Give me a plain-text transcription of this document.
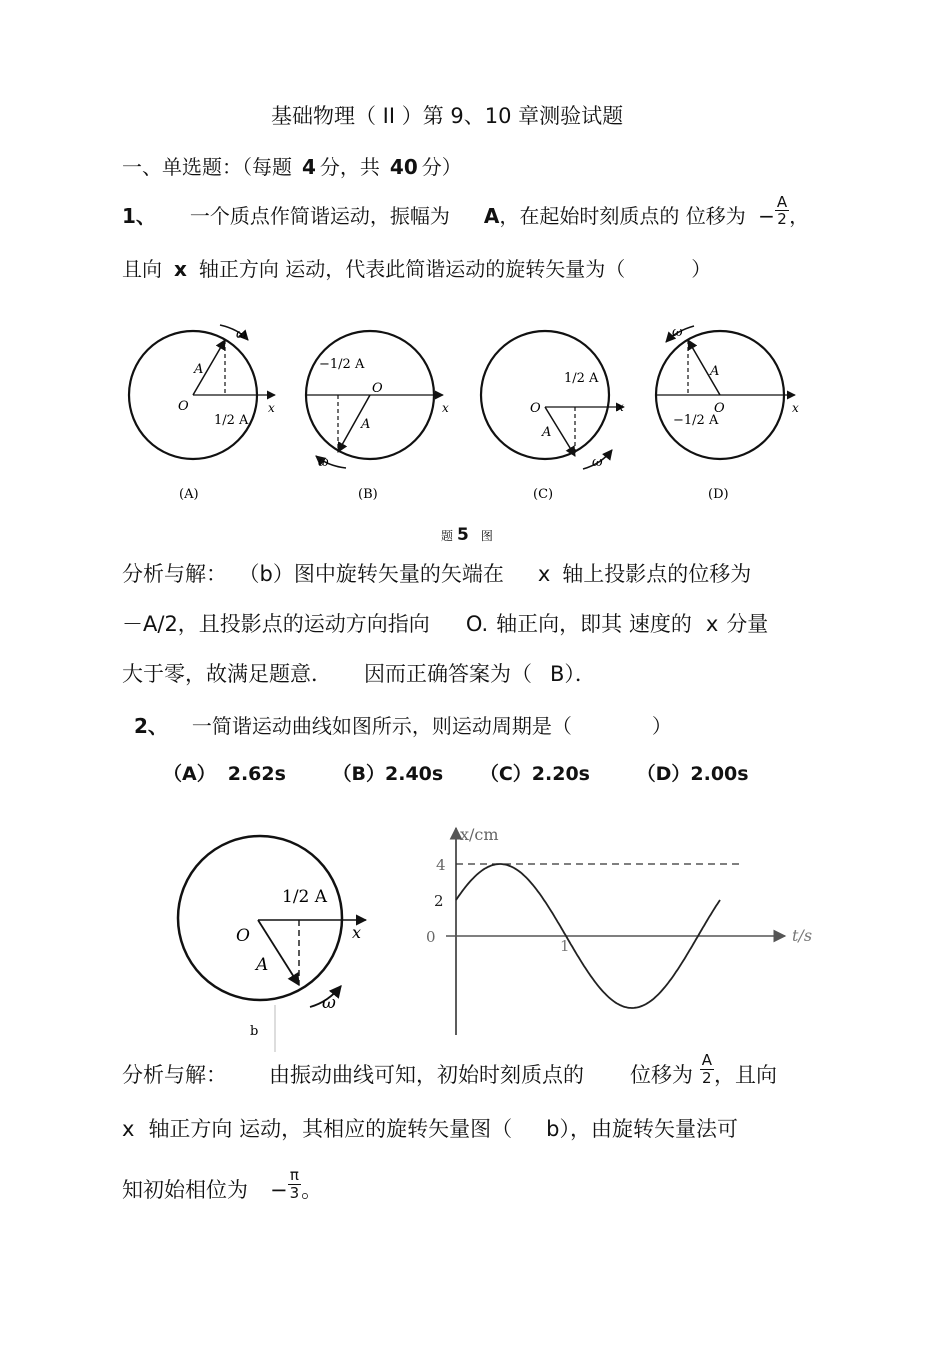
基础物理（ II ）第 9、10 章测验试题
一、单选题：（每题 4 分，共 40 分）
1、 一个质点作简谐运动，振幅为 A，在起始时刻质点的 位移为 − $\frac{A}{2}$ ，
且向 x 轴正方向 运动，代表此简谐运动的旋转矢量为（	）
ω
A
O	x
1/2 A
(A)
ω
A
O
x
−1/2 A
(B)
ω
A
O	x
1/2 A
(C)
ω
A
O	x
−1/2 A
(D)
题 5 图
分析与解： （b）图中旋转矢量的矢端在 x 轴上投影点的位移为
－A/2，且投影点的运动方向指向 O. 轴正向，即其 速度的 x 分量
大于零，故满足题意． 因而正确答案为（ B）．
2、 一简谐运动曲线如图所示，则运动周期是（	）
（A） 2.62s （B）2.40s （C）2.20s （D）2.00s
ω
A
O	x
1/2 A
b
4
2
0	1
x/cm
t/s
分析与解： 由振动曲线可知，初始时刻质点的 位移为 $\frac{A}{2}$ ，且向
x 轴正方向 运动，其相应的旋转矢量图（ b），由旋转矢量法可
知初始相位为 − $\frac{\pi}{3}$ 。
